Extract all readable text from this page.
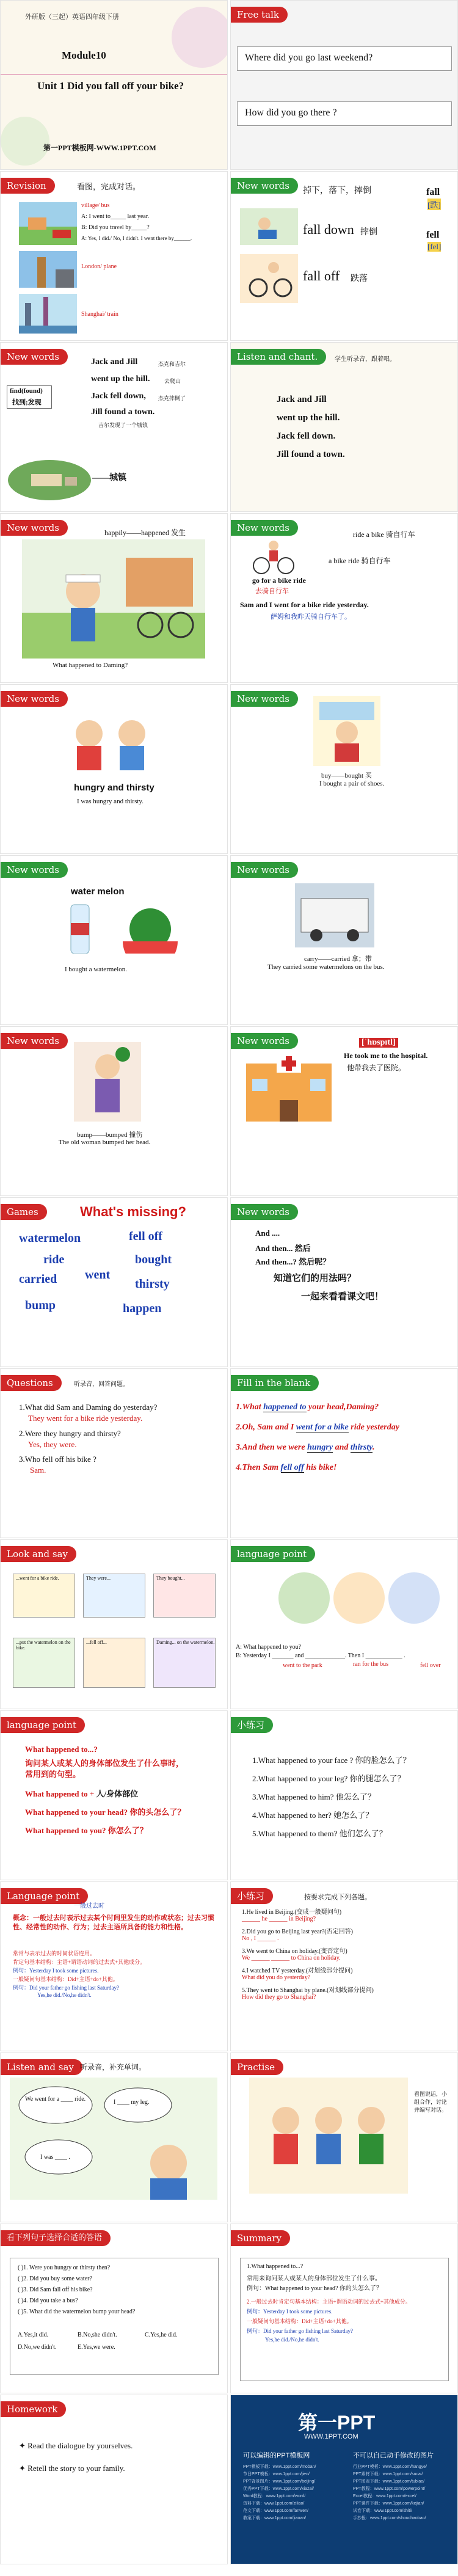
外研版（三起）英语四年级下册
Module10
Unit 1 Did you fall off your bike?
第一PPT模板网-WWW.1PPT.COM
Free talk
Where did you go last weekend?
How did you go there ?
Revision	看图，完成对话。
village/ bus
A: I went to_____ last year.
B: Did you travel by_____?
A: Yes, I did./ No, I didn't. I went there by______.
London/ plane
Shanghai/ train
New words	掉下，落下，摔倒	fall
[跌]
fall down 摔倒	fell
[fel]
fall off 跌落
New words	Jack and Jill	杰克和吉尔
went up the hill.	去爬山
Jack fell down, 杰克摔倒了
Jill found a town.
吉尔发现了一个城镇
find(found)
找到;发现
——城镇
Listen and chant.	学生听录音，跟着唱。
Jack and Jill
went up the hill.
Jack fell down.
Jill found a town.
New words	happily——happened 发生
What happened to Daming?
New words
ride a bike 骑自行车
a bike ride 骑自行车
go for a bike ride
去骑自行车
Sam and I went for a bike ride yesterday.
萨姆和我昨天骑自行车了。
New words
hungry and thirsty
I was hungry and thirsty.
New words
buy——bought 买
I bought a pair of shoes.
New words
water melon
I bought a watermelon.
New words
carry——carried 拿；带
They carried some watermelons on the bus.
New words
bump——bumped 撞伤
The old woman bumped her head.
New words	[ˈhɒspɪtl]
He took me to the hospital.
他带我去了医院。
Games	What's missing?
watermelon	fell off
ride	bought
carried went
thirsty
bump	happen
New words
And ....
And then... 然后
And then...? 然后呢？
知道它们的用法吗？
一起来看看课文吧！
Questions	听录音，回答问题。
1.What did Sam and Daming do yesterday?
They went for a bike ride yesterday.
2.Were they hungry and thirsty?
Yes, they were.
3.Who fell off his bike ?
Sam.
Fill in the blank
1.What happened to your head,Daming?
2.Oh, Sam and I went for a bike ride yesterday
3.And then we were hungry and thirsty.
4.Then Sam fell off his bike!
Look and say
...went for a bike ride.	They were...	They bought...
...put the watermelon on the bike.
...fell off...	Daming... on the watermelon.
language point
A: What happened to you?
B: Yesterday I _______ and _____________. Then I ____________ .
went to the park	ran for the bus	fell over
language point
What happened to...?
询问某人或某人的身体部位发生了什么事时，
常用到的句型。
What happened to + 人/身体部位
What happened to your head? 你的头怎么了？
What happened to you? 你怎么了？
小练习
1.What happened to your face ? 你的脸怎么了？
2.What happened to your leg? 你的腿怎么了？
3.What happened to him? 他怎么了？
4.What happened to her? 她怎么了？
5.What happened to them? 他们怎么了？
Language point
一般过去时
概念：一般过去时表示过去某个时间里发生的动作或状态；过去习惯性、经常性的动作、行为；过去主语所具备的能力和性格。
常常与表示过去的时间状语连用。
肯定句基本结构：主语+谓语动词的过去式+其他成分。
例句：Yesterday I took some pictures.
一般疑问句基本结构：Did+主语+do+其他。
例句：Did your father go fishing last Saturday?
Yes,he did./No,he didn't.
小练习	按要求完成下列各题。
1.He lived in Beijing.(变成一般疑问句)
______ he ______ in Beijing?
2.Did you go to Beijing last year?(否定回答)
No , I ______ .
3.We went to China on holiday.(变否定句)
We ______ ______ to China on holiday.
4.I watched TV yesterday.(对划线部分提问)
What did you do yesterday?
5.They went to Shanghai by plane.(对划线部分提问)
How did they go to Shanghai?
Listen and say 听录音，补充单词。
We went for a ____ ride.	I ____ my leg.
I was ____ .
Practise
看图说话，小组合作，讨论并编写对话。
看下列句子选择合适的答语
( )1. Were you hungry or thirsty then?
( )2. Did you buy some water?
( )3. Did Sam fall off his bike?
( )4. Did you take a bus?
( )5. What did the watermelon bump your head?
A.Yes,it did.	B.No,she didn't.	C.Yes,he did.
D.No,we didn't.	E.Yes,we were.
Summary
1.What happened to...?
常用来询问某人或某人的身体部位发生了什么事。
例句：What happened to your head? 你的头怎么了？
2.一般过去时肯定句基本结构：主语+谓语动词的过去式+其他成分。
例句：Yesterday I took some pictures.
一般疑问句基本结构：Did+主语+do+其他。
例句：Did your father go fishing last Saturday?
Yes,he did./No,he didn't.
Homework
✦ Read the dialogue by yourselves.
✦ Retell the story to your family.
第一PPT
WWW.1PPT.COM
可以编辑的PPT模板网	不可以自己动手修改的图片
PPT模板下载：www.1ppt.com/moban/
节日PPT模板：www.1ppt.com/jieri/
PPT背景图片：www.1ppt.com/beijing/
优秀PPT下载：www.1ppt.com/xiazai/
Word教程：www.1ppt.com/word/
资料下载：www.1ppt.com/ziliao/
范文下载：www.1ppt.com/fanwen/
教案下载：www.1ppt.com/jiaoan/
行业PPT模板：www.1ppt.com/hangye/
PPT素材下载：www.1ppt.com/sucai/
PPT图表下载：www.1ppt.com/tubiao/
PPT教程：www.1ppt.com/powerpoint/
Excel教程：www.1ppt.com/excel/
PPT课件下载：www.1ppt.com/kejian/
试卷下载：www.1ppt.com/shiti/
手抄报：www.1ppt.com/shouchaobao/
